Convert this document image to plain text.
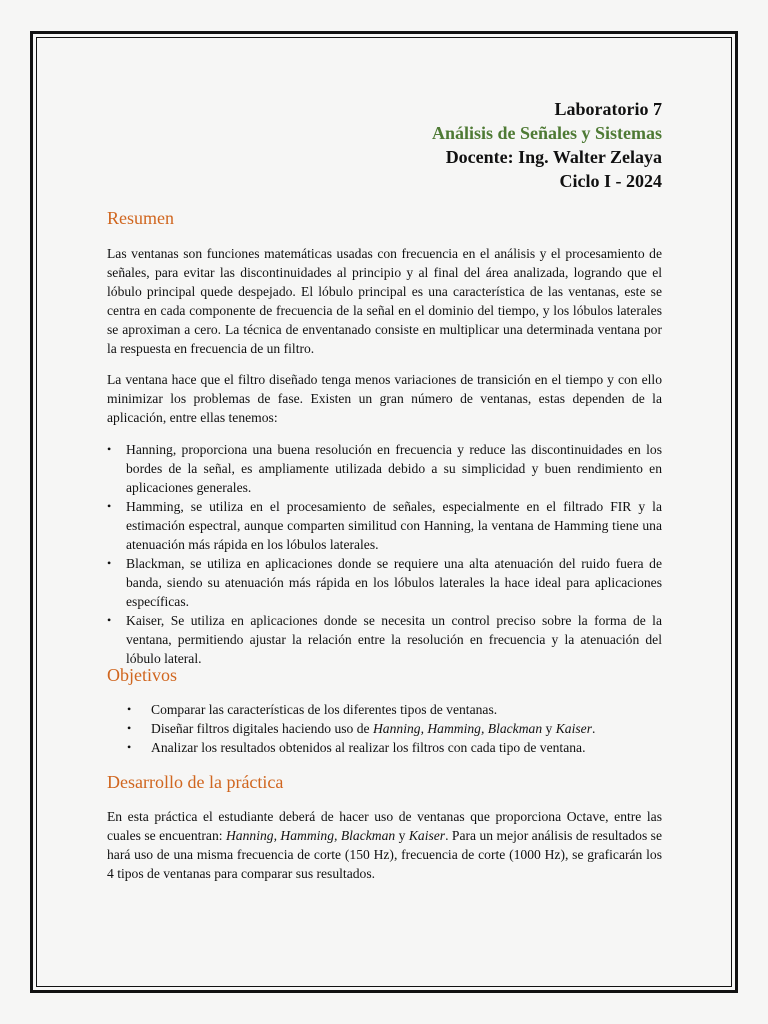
Laboratorio 7
Análisis de Señales y Sistemas
Docente: Ing. Walter Zelaya
Ciclo I - 2024
Resumen

Las ventanas son funciones matemáticas usadas con frecuencia en el análisis y el procesamiento de señales, para evitar las discontinuidades al principio y al final del área analizada, logrando que el lóbulo principal quede despejado. El lóbulo principal es una característica de las ventanas, este se centra en cada componente de frecuencia de la señal en el dominio del tiempo, y los lóbulos laterales se aproximan a cero. La técnica de enventanado consiste en multiplicar una determinada ventana por la respuesta en frecuencia de un filtro.

La ventana hace que el filtro diseñado tenga menos variaciones de transición en el tiempo y con ello minimizar los problemas de fase. Existen un gran número de ventanas, estas dependen de la aplicación, entre ellas tenemos:

• Hanning, proporciona una buena resolución en frecuencia y reduce las discontinuidades en los bordes de la señal, es ampliamente utilizada debido a su simplicidad y buen rendimiento en aplicaciones generales.
• Hamming, se utiliza en el procesamiento de señales, especialmente en el filtrado FIR y la estimación espectral, aunque comparten similitud con Hanning, la ventana de Hamming tiene una atenuación más rápida en los lóbulos laterales.
• Blackman, se utiliza en aplicaciones donde se requiere una alta atenuación del ruido fuera de banda, siendo su atenuación más rápida en los lóbulos laterales la hace ideal para aplicaciones específicas.
• Kaiser, Se utiliza en aplicaciones donde se necesita un control preciso sobre la forma de la ventana, permitiendo ajustar la relación entre la resolución en frecuencia y la atenuación del lóbulo lateral.
Objetivos
• Comparar las características de los diferentes tipos de ventanas.
• Diseñar filtros digitales haciendo uso de Hanning, Hamming, Blackman y Kaiser.
• Analizar los resultados obtenidos al realizar los filtros con cada tipo de ventana.
Desarrollo de la práctica

En esta práctica el estudiante deberá de hacer uso de ventanas que proporciona Octave, entre las cuales se encuentran: Hanning, Hamming, Blackman y Kaiser. Para un mejor análisis de resultados se hará uso de una misma frecuencia de corte (150 Hz), frecuencia de corte (1000 Hz), se graficarán los 4 tipos de ventanas para comparar sus resultados.
